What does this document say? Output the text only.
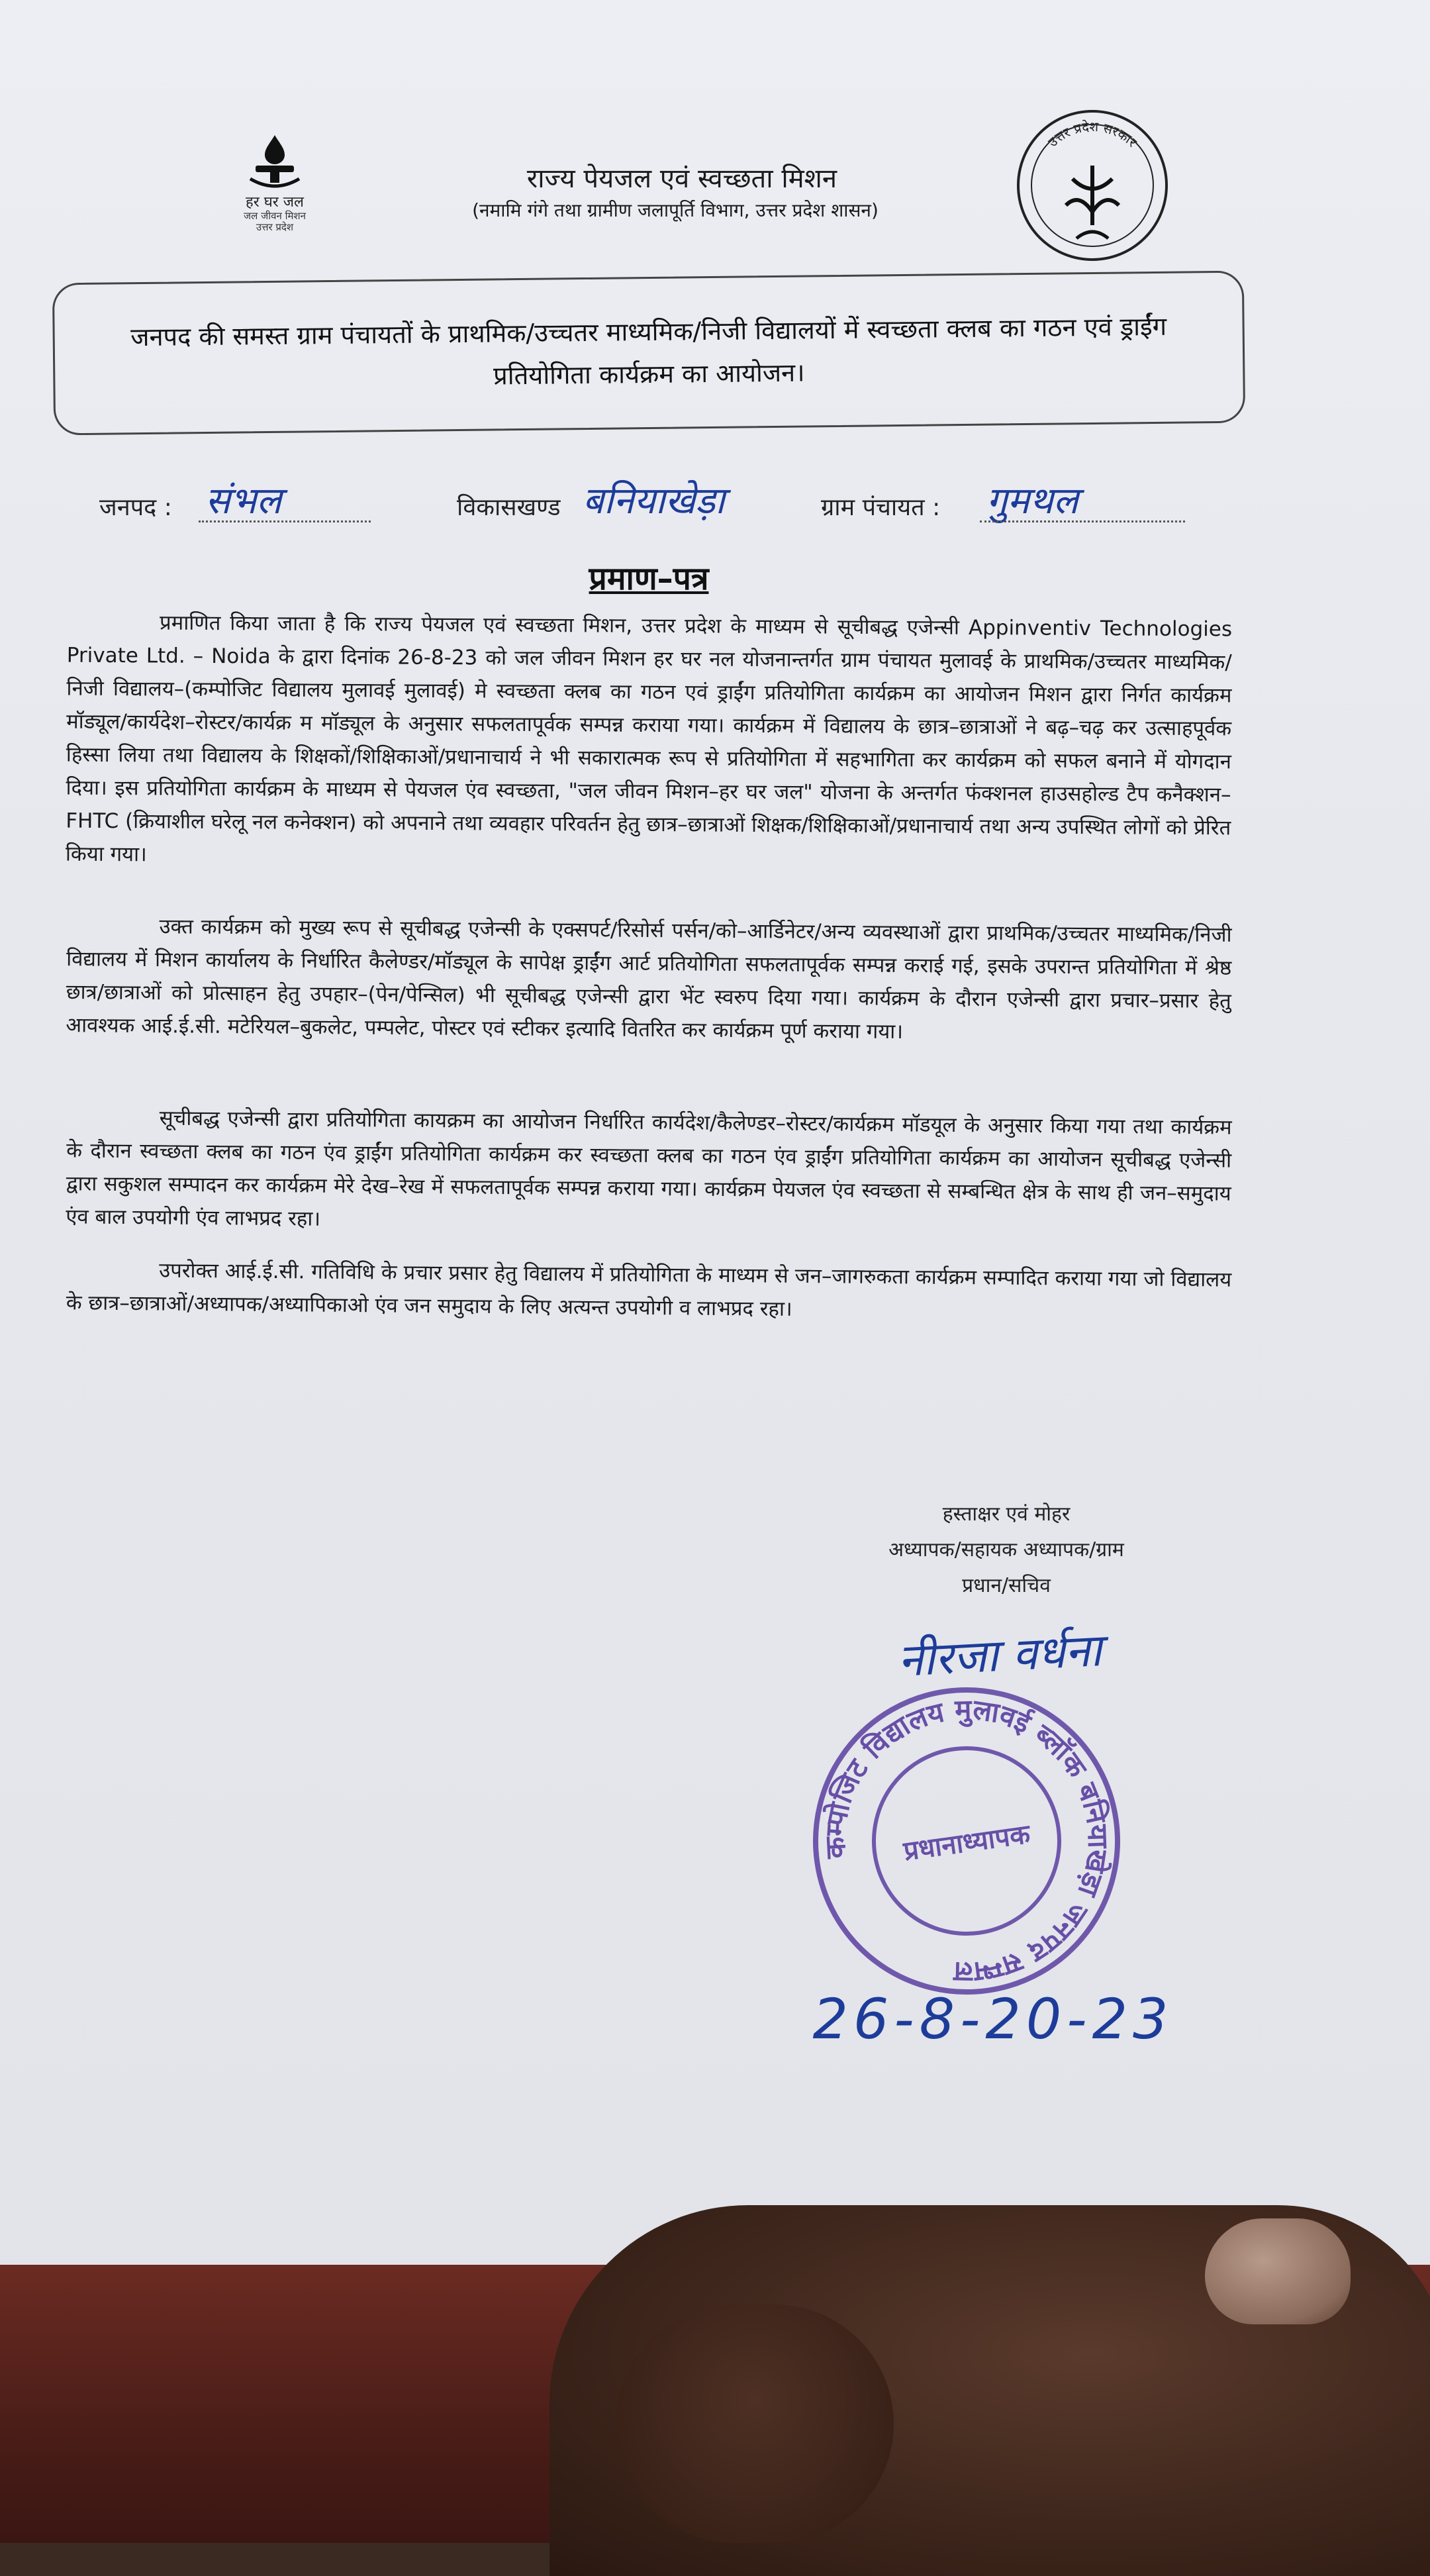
हर घर जल
जल जीवन मिशन
उत्तर प्रदेश
राज्य पेयजल एवं स्वच्छता मिशन
(नमामि गंगे तथा ग्रामीण जलापूर्ति विभाग, उत्तर प्रदेश शासन)
उत्तर प्रदेश सरकार
जनपद की समस्त ग्राम पंचायतों के प्राथमिक/उच्चतर माध्यमिक/निजी विद्यालयों में स्वच्छता क्लब का गठन एवं ड्राईंग प्रतियोगिता कार्यक्रम का आयोजन।
जनपद : संभल	विकासखण्ड बनियाखेड़ा	ग्राम पंचायत : गुमथल
प्रमाण–पत्र
प्रमाणित किया जाता है कि राज्य पेयजल एवं स्वच्छता मिशन, उत्तर प्रदेश के माध्यम से सूचीबद्ध एजेन्सी Appinventiv Technologies Private Ltd. – Noida के द्वारा दिनांक 26-8-23 को जल जीवन मिशन हर घर नल योजनान्तर्गत ग्राम पंचायत मुलावई के प्राथमिक/उच्चतर माध्यमिक/निजी विद्यालय–(कम्पोजिट विद्यालय मुलावई मुलावई) मे स्वच्छता क्लब का गठन एवं ड्राईंग प्रतियोगिता कार्यक्रम का आयोजन मिशन द्वारा निर्गत कार्यक्रम मॉड्यूल/कार्यदेश–रोस्टर/कार्यक्र म मॉड्यूल के अनुसार सफलतापूर्वक सम्पन्न कराया गया। कार्यक्रम में विद्यालय के छात्र–छात्राओं ने बढ़–चढ़ कर उत्साहपूर्वक हिस्सा लिया तथा विद्यालय के शिक्षकों/शिक्षिकाओं/प्रधानाचार्य ने भी सकारात्मक रूप से प्रतियोगिता में सहभागिता कर कार्यक्रम को सफल बनाने में योगदान दिया। इस प्रतियोगिता कार्यक्रम के माध्यम से पेयजल एंव स्वच्छता, "जल जीवन मिशन–हर घर जल" योजना के अन्तर्गत फंक्शनल हाउसहोल्ड टैप कनैक्शन–FHTC (क्रियाशील घरेलू नल कनेक्शन) को अपनाने तथा व्यवहार परिवर्तन हेतु छात्र–छात्राओं शिक्षक/शिक्षिकाओं/प्रधानाचार्य तथा अन्य उपस्थित लोगों को प्रेरित किया गया।
उक्त कार्यक्रम को मुख्य रूप से सूचीबद्ध एजेन्सी के एक्सपर्ट/रिसोर्स पर्सन/को–आर्डिनेटर/अन्य व्यवस्थाओं द्वारा प्राथमिक/उच्चतर माध्यमिक/निजी विद्यालय में मिशन कार्यालय के निर्धारित कैलेण्डर/मॉड्यूल के सापेक्ष ड्राईंग आर्ट प्रतियोगिता सफलतापूर्वक सम्पन्न कराई गई, इसके उपरान्त प्रतियोगिता में श्रेष्ठ छात्र/छात्राओं को प्रोत्साहन हेतु उपहार–(पेन/पेन्सिल) भी सूचीबद्ध एजेन्सी द्वारा भेंट स्वरुप दिया गया। कार्यक्रम के दौरान एजेन्सी द्वारा प्रचार–प्रसार हेतु आवश्यक आई.ई.सी. मटेरियल–बुकलेट, पम्पलेट, पोस्टर एवं स्टीकर इत्यादि वितरित कर कार्यक्रम पूर्ण कराया गया।
सूचीबद्ध एजेन्सी द्वारा प्रतियोगिता कायक्रम का आयोजन निर्धारित कार्यदेश/कैलेण्डर–रोस्टर/कार्यक्रम मॉडयूल के अनुसार किया गया तथा कार्यक्रम के दौरान स्वच्छता क्लब का गठन एंव ड्राईंग प्रतियोगिता कार्यक्रम कर स्वच्छता क्लब का गठन एंव ड्राईंग प्रतियोगिता कार्यक्रम का आयोजन सूचीबद्ध एजेन्सी द्वारा सकुशल सम्पादन कर कार्यक्रम मेरे देख–रेख में सफलतापूर्वक सम्पन्न कराया गया। कार्यक्रम पेयजल एंव स्वच्छता से सम्बन्धित क्षेत्र के साथ ही जन–समुदाय एंव बाल उपयोगी एंव लाभप्रद रहा।
उपरोक्त आई.ई.सी. गतिविधि के प्रचार प्रसार हेतु विद्यालय में प्रतियोगिता के माध्यम से जन–जागरुकता कार्यक्रम सम्पादित कराया गया जो विद्यालय के छात्र–छात्राओं/अध्यापक/अध्यापिकाओ एंव जन समुदाय के लिए अत्यन्त उपयोगी व लाभप्रद रहा।
हस्ताक्षर एवं मोहर
अध्यापक/सहायक अध्यापक/ग्राम
प्रधान/सचिव
नीरजा वर्धना
कम्पोजिट विद्यालय मुलावई ब्लॉक बनियाखेड़ा जनपद सम्भल
प्रधानाध्यापक
26-8-20-23
